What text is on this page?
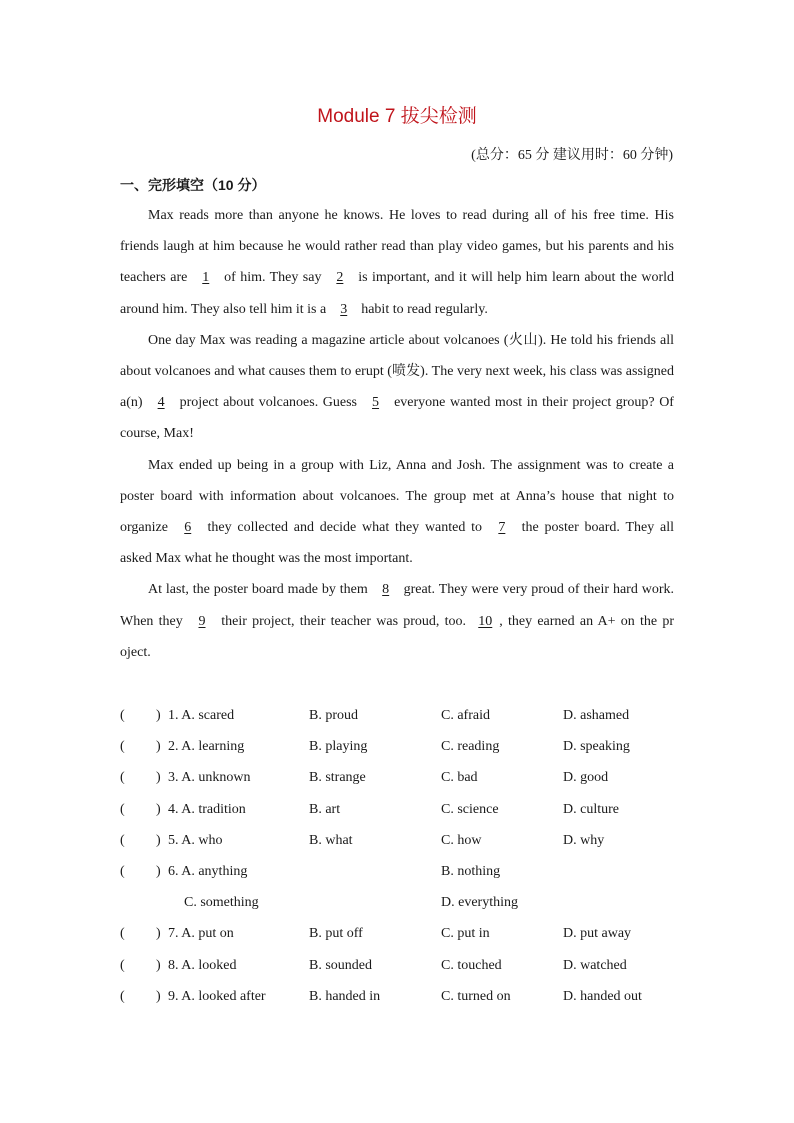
Module 7 拔尖检测
(总分：65 分 建议用时：60 分钟)
一、完形填空（10 分）

Max reads more than anyone he knows. He loves to read during all of his free time. His friends laugh at him because he would rather read than play video games, but his parents and his teachers are 1 of him. They say 2 is important, and it will help him learn about the world around him. They also tell him it is a 3 habit to read regularly.

One day Max was reading a magazine article about volcanoes (火山). He told his friends all about volcanoes and what causes them to erupt (喷发). The very next week, his class was assigned a(n) 4 project about volcanoes. Guess 5 everyone wanted most in their project group? Of course, Max!

Max ended up being in a group with Liz, Anna and Josh. The assignment was to create a poster board with information about volcanoes. The group met at Anna’s house that night to organize 6 they collected and decide what they wanted to 7 the poster board. They all asked Max what he thought was the most important.

At last, the poster board made by them 8 great. They were very proud of their hard work. When they 9 their project, their teacher was proud, too. 10 , they earned an A+ on the pr oject.

( ) 1. A. scared	B. proud	C. afraid	D. ashamed
( ) 2. A. learning	B. playing	C. reading	D. speaking
( ) 3. A. unknown	B. strange	C. bad	D. good
( ) 4. A. tradition	B. art	C. science	D. culture
( ) 5. A. who	B. what	C. how	D. why
( ) 6. A. anything	B. nothing
C. something	D. everything
( ) 7. A. put on	B. put off	C. put in	D. put away
( ) 8. A. looked	B. sounded	C. touched	D. watched
( ) 9. A. looked after	B. handed in	C. turned on	D. handed out
